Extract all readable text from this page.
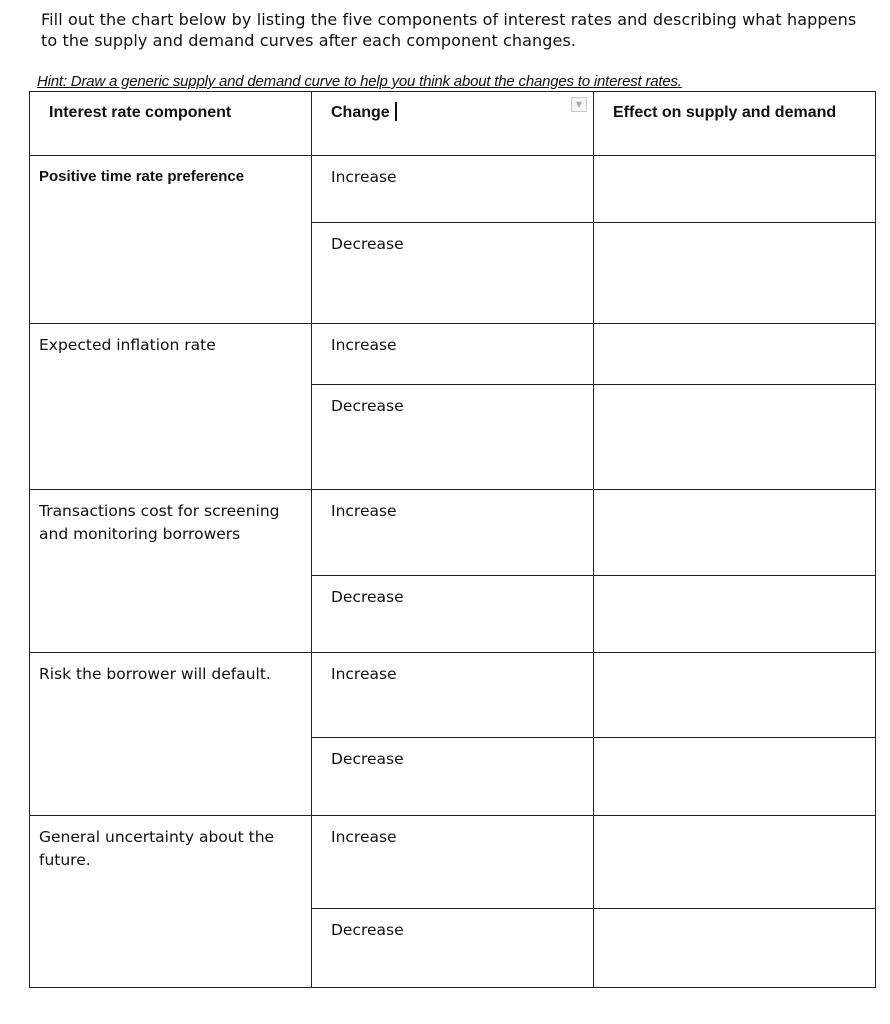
Fill out the chart below by listing the five components of interest rates and describing what happens to the supply and demand curves after each component changes.
Hint: Draw a generic supply and demand curve to help you think about the changes to interest rates.
Interest rate component	Change	Effect on supply and demand

Positive time rate preference	Increase	

	Decrease	

Expected inflation rate	Increase	

	Decrease	

Transactions cost for screening and monitoring borrowers	Increase	

	Decrease	

Risk the borrower will default.	Increase	

	Decrease	

General uncertainty about the future.	Increase	

	Decrease	

▼
